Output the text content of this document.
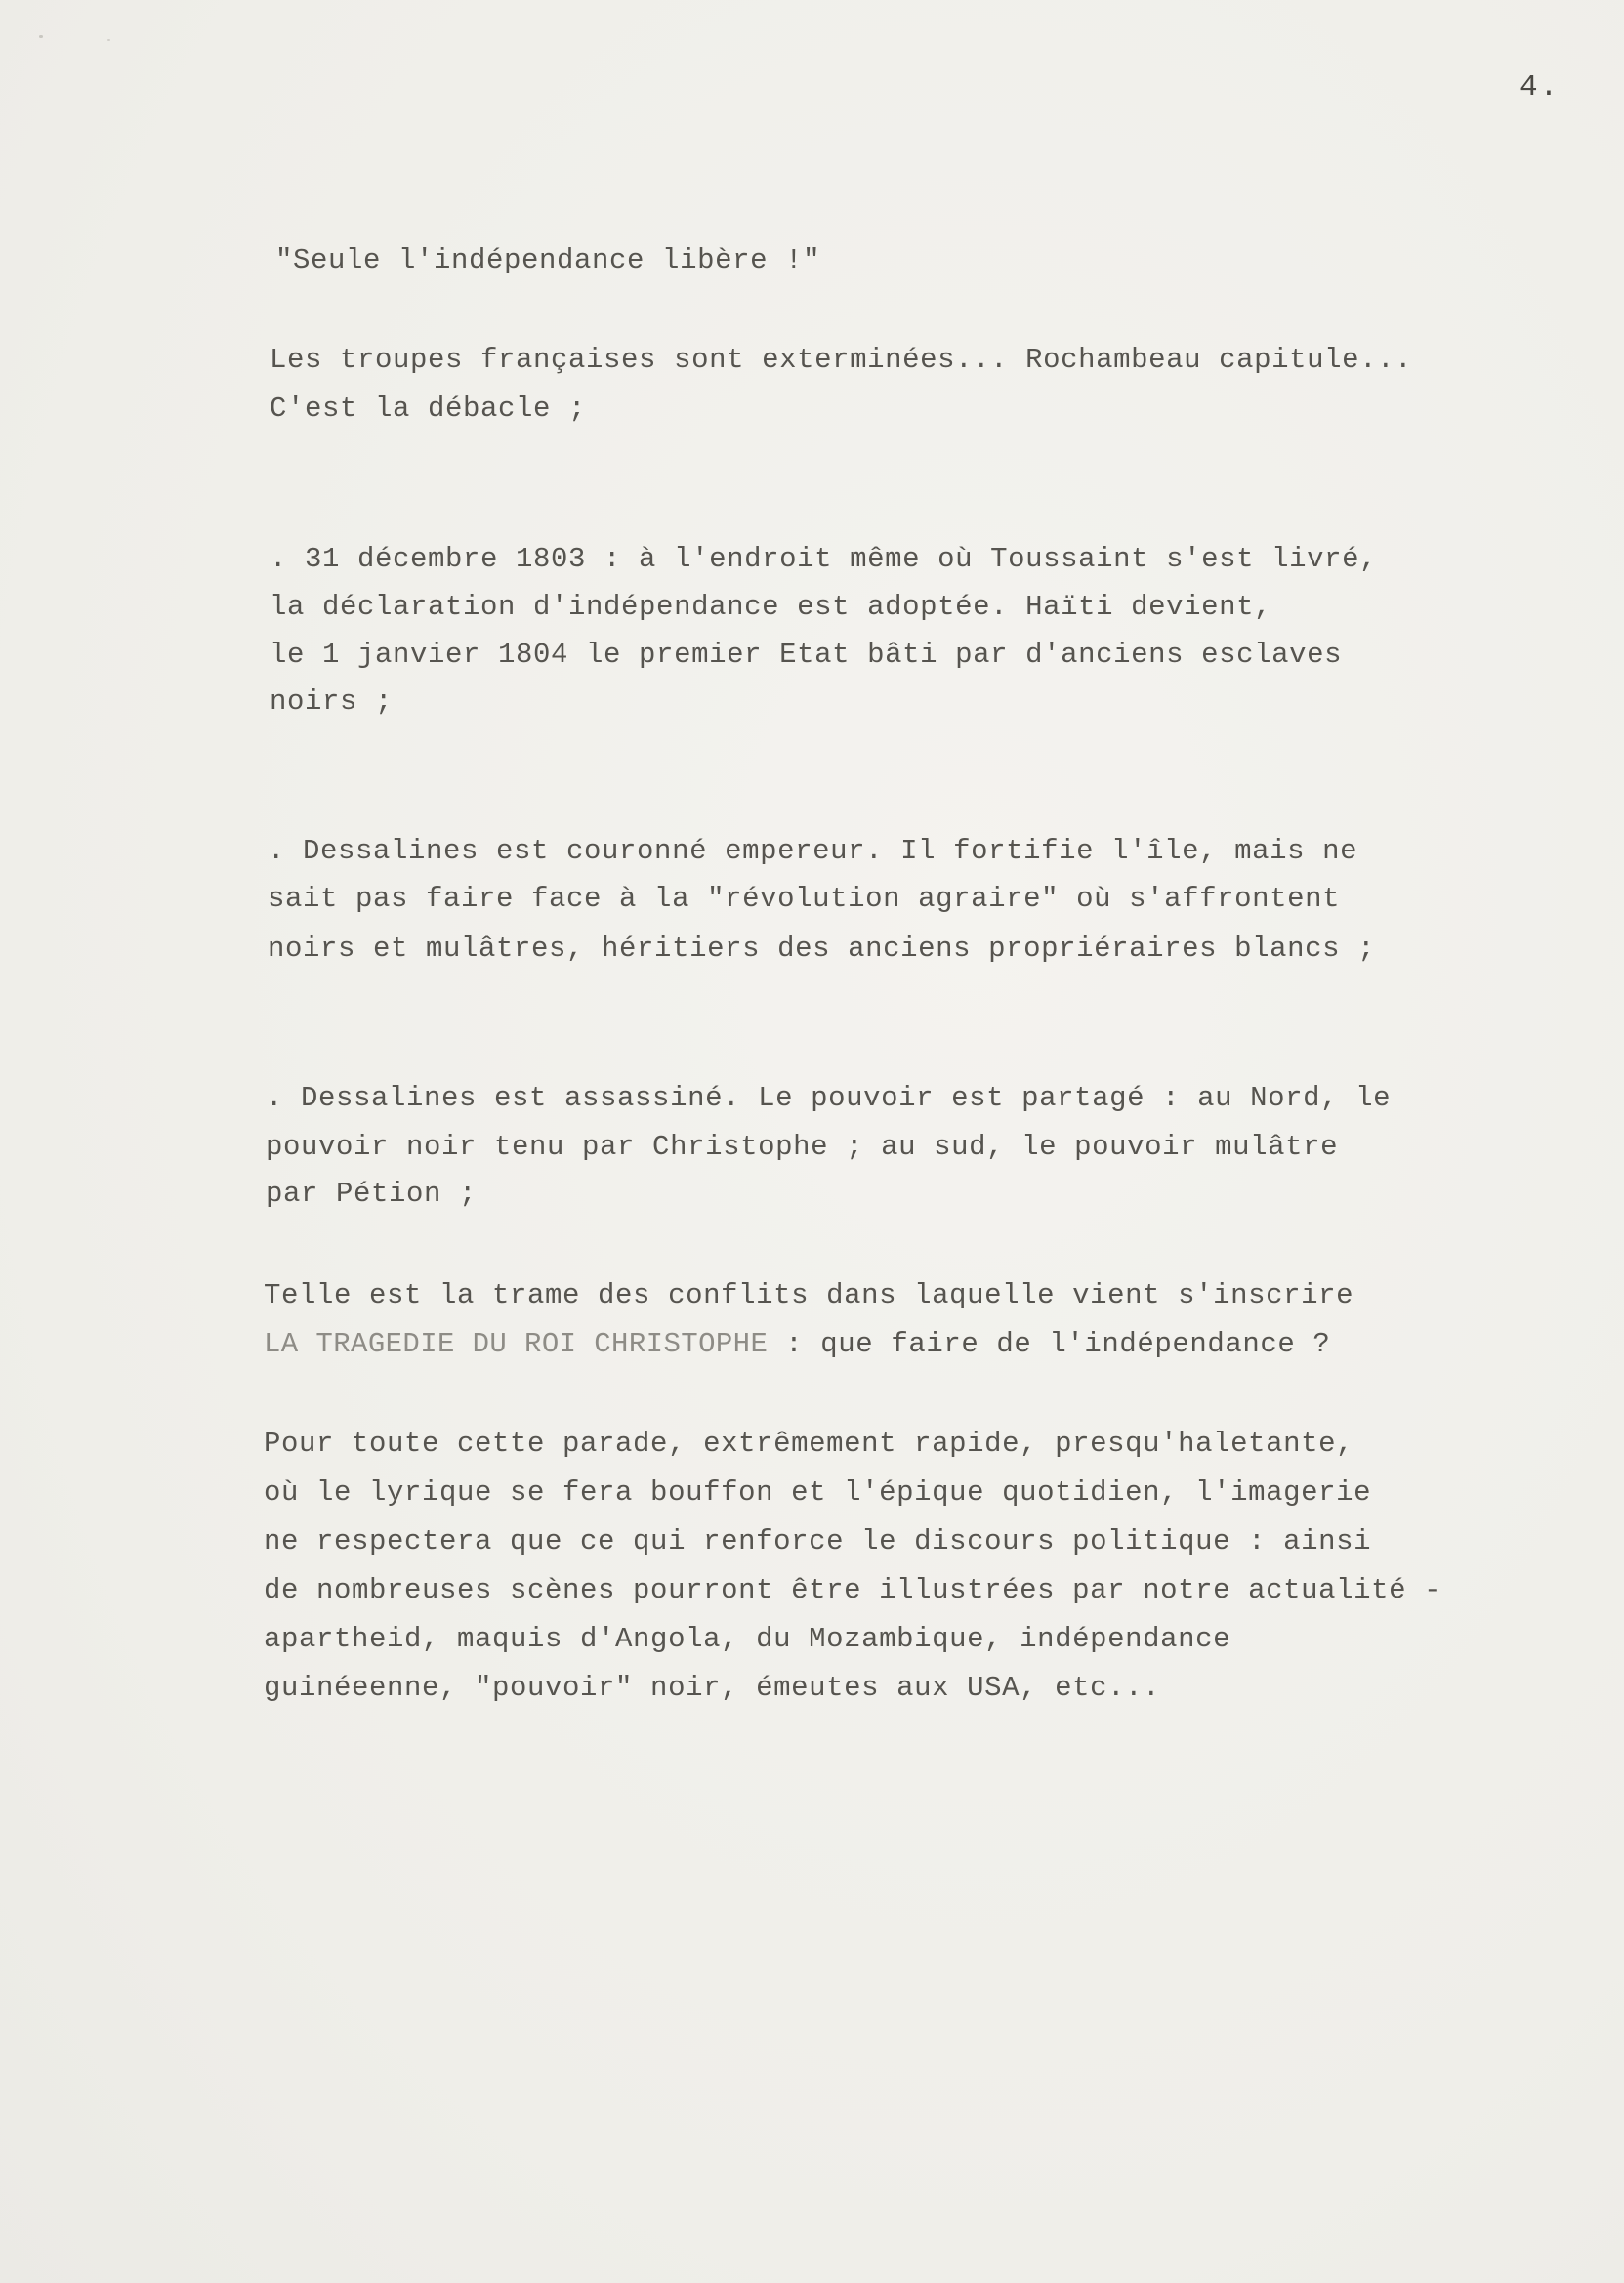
4.
"Seule l'indépendance libère !"
Les troupes françaises sont exterminées... Rochambeau capitule...
C'est la débacle ;
. 31 décembre 1803 : à l'endroit même où Toussaint s'est livré,
la déclaration d'indépendance est adoptée. Haïti devient,
le 1 janvier 1804 le premier Etat bâti par d'anciens esclaves
noirs ;
. Dessalines est couronné empereur. Il fortifie l'île, mais ne
sait pas faire face à la "révolution agraire" où s'affrontent
noirs et mulâtres, héritiers des anciens propriéraires blancs ;
. Dessalines est assassiné. Le pouvoir est partagé : au Nord, le
pouvoir noir tenu par Christophe ; au sud, le pouvoir mulâtre
par Pétion ;
Telle est la trame des conflits dans laquelle vient s'inscrire
LA TRAGEDIE DU ROI CHRISTOPHE : que faire de l'indépendance ?
Pour toute cette parade, extrêmement rapide, presqu'haletante,
où le lyrique se fera bouffon et l'épique quotidien, l'imagerie
ne respectera que ce qui renforce le discours politique : ainsi
de nombreuses scènes pourront être illustrées par notre actualité -
apartheid, maquis d'Angola, du Mozambique, indépendance
guinéeenne, "pouvoir" noir, émeutes aux USA, etc...
